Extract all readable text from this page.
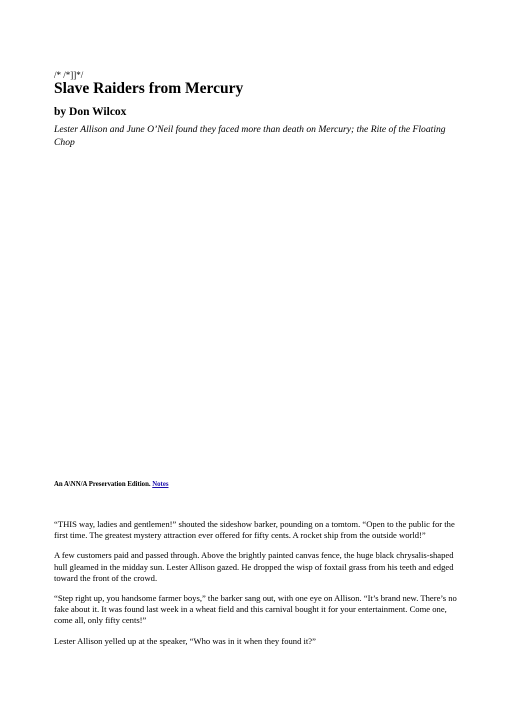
/* /*]]*/
Slave Raiders from Mercury
by Don Wilcox

Lester Allison and June O’Neil found they faced more than death on Mercury; the Rite of the Floating Chop

An A\NN/A Preservation Edition. Notes

“THIS way, ladies and gentlemen!” shouted the sideshow barker, pounding on a tomtom. “Open to the public for the first time. The greatest mystery attraction ever offered for fifty cents. A rocket ship from the outside world!”

A few customers paid and passed through. Above the brightly painted canvas fence, the huge black chrysalis-shaped hull gleamed in the midday sun. Lester Allison gazed. He dropped the wisp of foxtail grass from his teeth and edged toward the front of the crowd.

“Step right up, you handsome farmer boys,” the barker sang out, with one eye on Allison. “It’s brand new. There’s no fake about it. It was found last week in a wheat field and this carnival bought it for your entertainment. Come one, come all, only fifty cents!”

Lester Allison yelled up at the speaker, “Who was in it when they found it?”
